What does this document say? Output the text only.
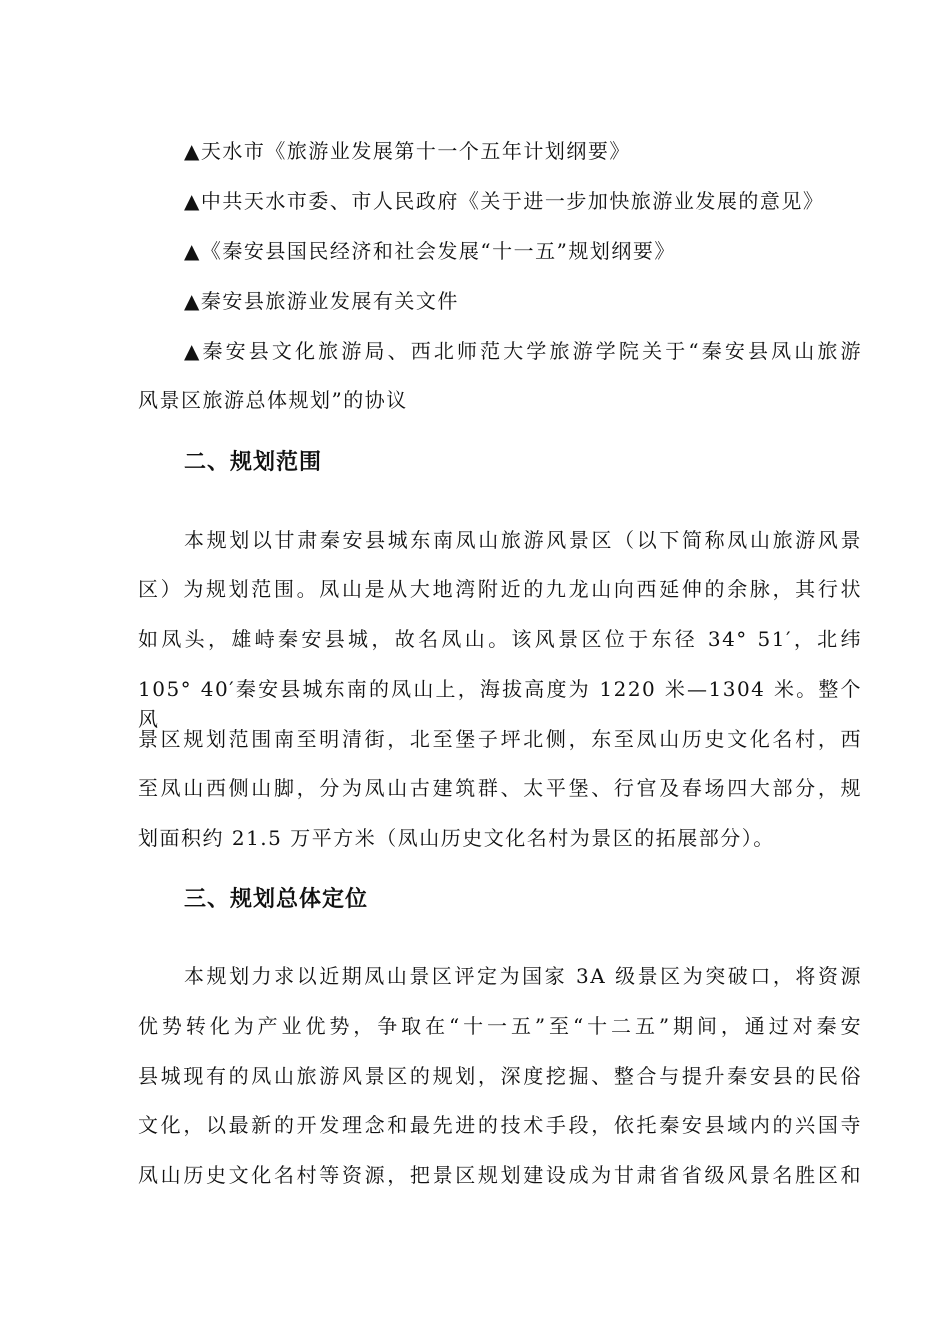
▲天水市《旅游业发展第十一个五年计划纲要》
▲中共天水市委、市人民政府《关于进一步加快旅游业发展的意见》
▲《秦安县国民经济和社会发展“十一五”规划纲要》
▲秦安县旅游业发展有关文件
▲秦安县文化旅游局、西北师范大学旅游学院关于“秦安县凤山旅游
风景区旅游总体规划”的协议
二、规划范围
本规划以甘肃秦安县城东南凤山旅游风景区（以下简称凤山旅游风景
区）为规划范围。凤山是从大地湾附近的九龙山向西延伸的余脉，其行状
如凤头，雄峙秦安县城，故名凤山。该风景区位于东径 34° 51′，北纬
105° 40′秦安县城东南的凤山上，海拔高度为 1220 米—1304 米。整个风
景区规划范围南至明清街，北至堡子坪北侧，东至凤山历史文化名村，西
至凤山西侧山脚，分为凤山古建筑群、太平堡、行官及春场四大部分，规
划面积约 21.5 万平方米（凤山历史文化名村为景区的拓展部分）。
三、规划总体定位
本规划力求以近期凤山景区评定为国家 3A 级景区为突破口，将资源
优势转化为产业优势，争取在“十一五”至“十二五”期间，通过对秦安
县城现有的凤山旅游风景区的规划，深度挖掘、整合与提升秦安县的民俗
文化，以最新的开发理念和最先进的技术手段，依托秦安县域内的兴国寺
凤山历史文化名村等资源，把景区规划建设成为甘肃省省级风景名胜区和
